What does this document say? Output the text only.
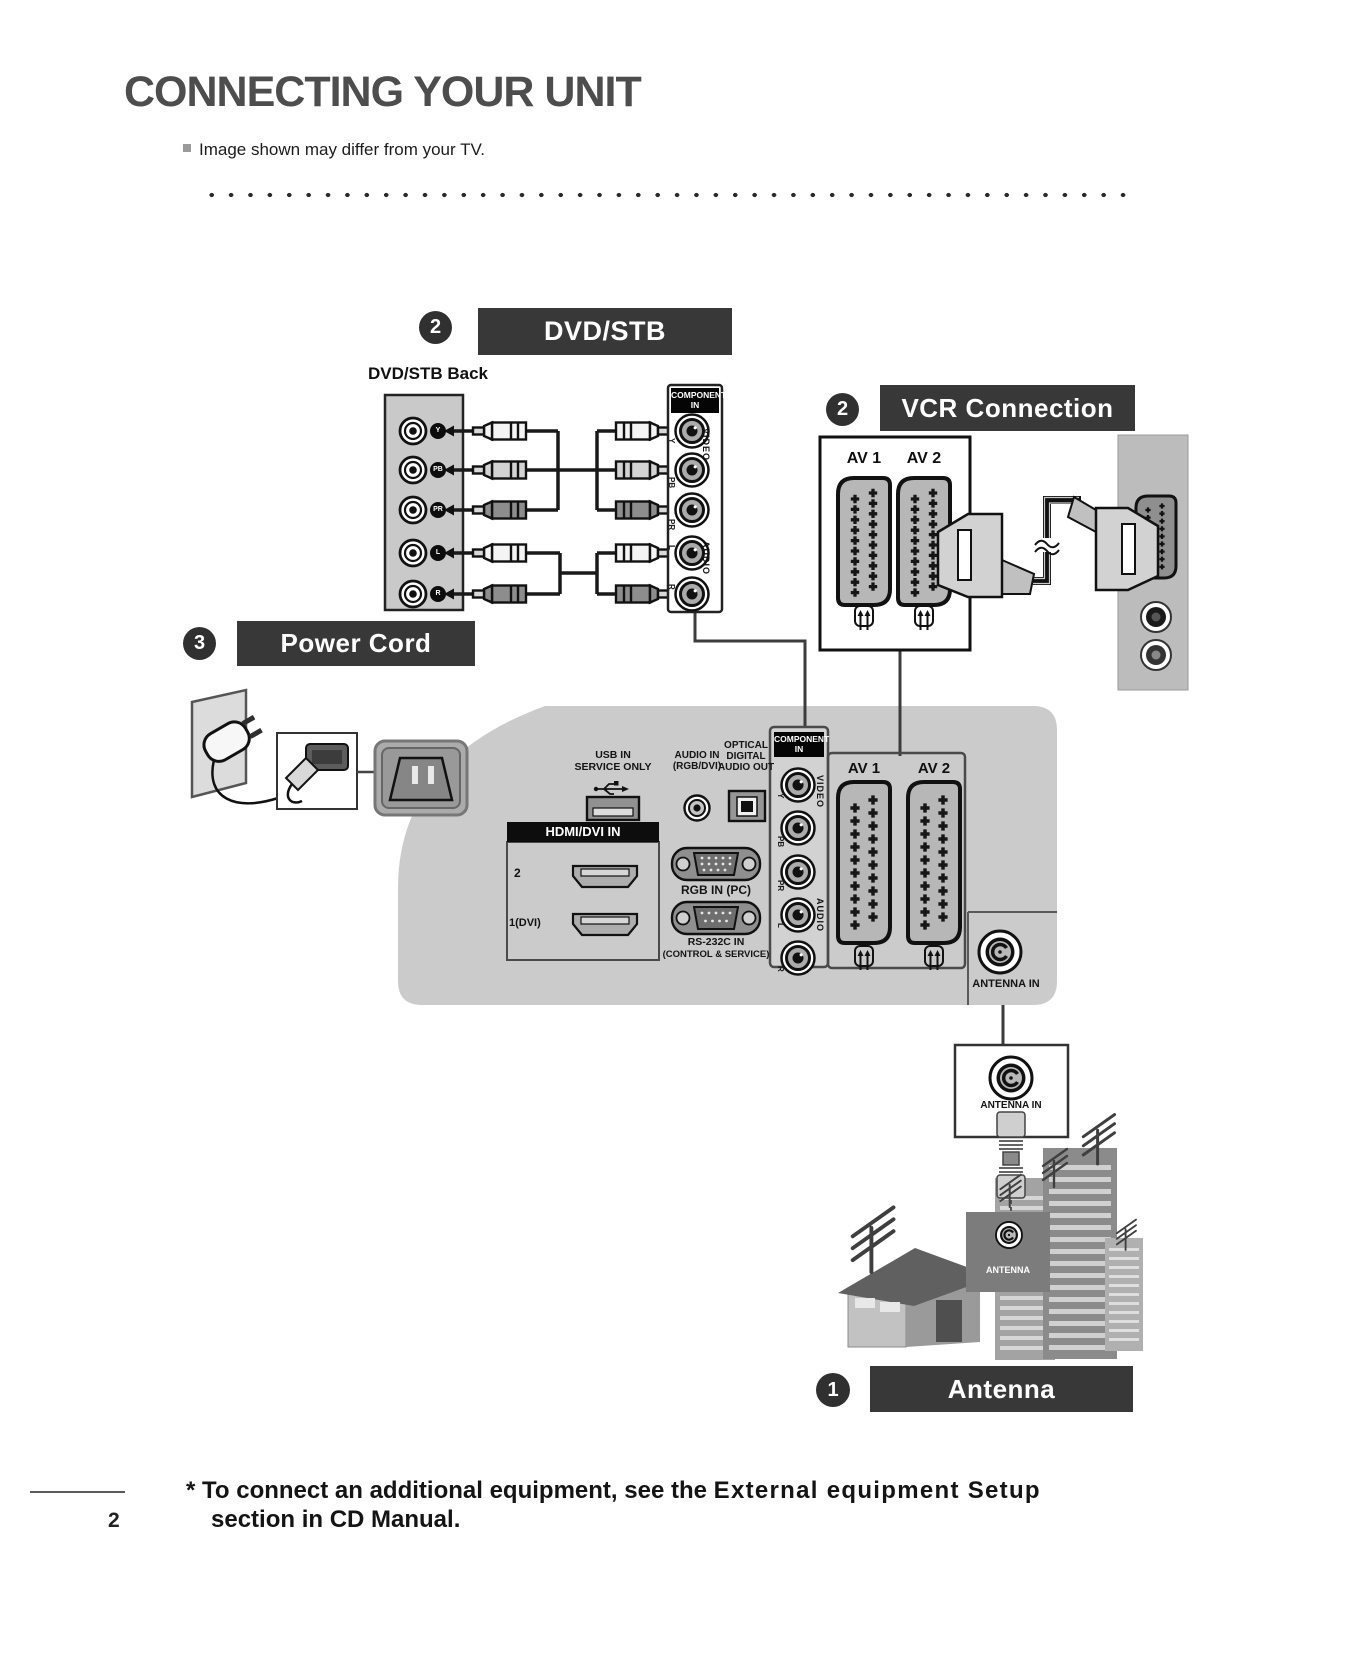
CONNECTING YOUR UNIT
Image shown may differ from your TV.
2	DVD/STB
DVD/STB Back
Y
PB
PR
L
R
COMPONENT
IN
Y
PB
PR
L
R
VIDEO
AUDIO
2	VCR Connection
AV 1	AV 2
3	Power Cord
USB IN
SERVICE ONLY
AUDIO IN
(RGB/DVI)
OPTICAL
DIGITAL
AUDIO OUT
HDMI/DVI IN
2
1(DVI)
RGB IN (PC)
RS-232C IN
(CONTROL & SERVICE)
COMPONENT
IN
Y
PB
PR
L
R
VIDEO
AUDIO
AV 1	AV 2
ANTENNA IN
ANTENNA IN
ANTENNA
1	Antenna Connection
* To connect an additional equipment, see the External equipment Setup
section in CD Manual.
2
